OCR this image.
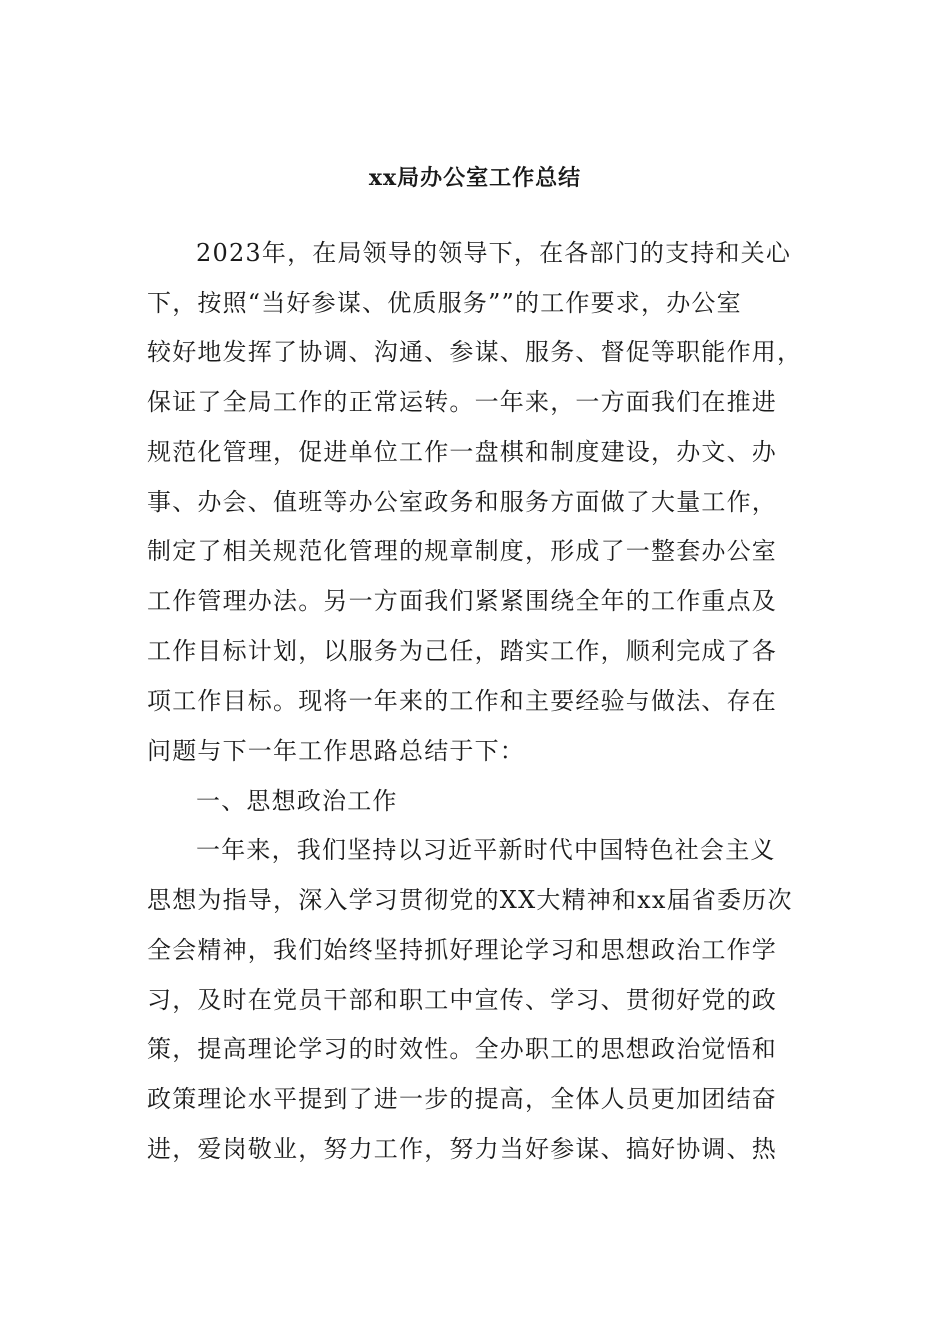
xx局办公室工作总结
2023年，在局领导的领导下，在各部门的支持和关心
下，按照“当好参谋、优质服务””的工作要求，办公室
较好地发挥了协调、沟通、参谋、服务、督促等职能作用，
保证了全局工作的正常运转。一年来，一方面我们在推进
规范化管理，促进单位工作一盘棋和制度建设，办文、办
事、办会、值班等办公室政务和服务方面做了大量工作，
制定了相关规范化管理的规章制度，形成了一整套办公室
工作管理办法。另一方面我们紧紧围绕全年的工作重点及
工作目标计划，以服务为己任，踏实工作，顺利完成了各
项工作目标。现将一年来的工作和主要经验与做法、存在
问题与下一年工作思路总结于下：
一、思想政治工作
一年来，我们坚持以习近平新时代中国特色社会主义
思想为指导，深入学习贯彻党的XX大精神和xx届省委历次
全会精神，我们始终坚持抓好理论学习和思想政治工作学
习，及时在党员干部和职工中宣传、学习、贯彻好党的政
策，提高理论学习的时效性。全办职工的思想政治觉悟和
政策理论水平提到了进一步的提高，全体人员更加团结奋
进，爱岗敬业，努力工作，努力当好参谋、搞好协调、热
